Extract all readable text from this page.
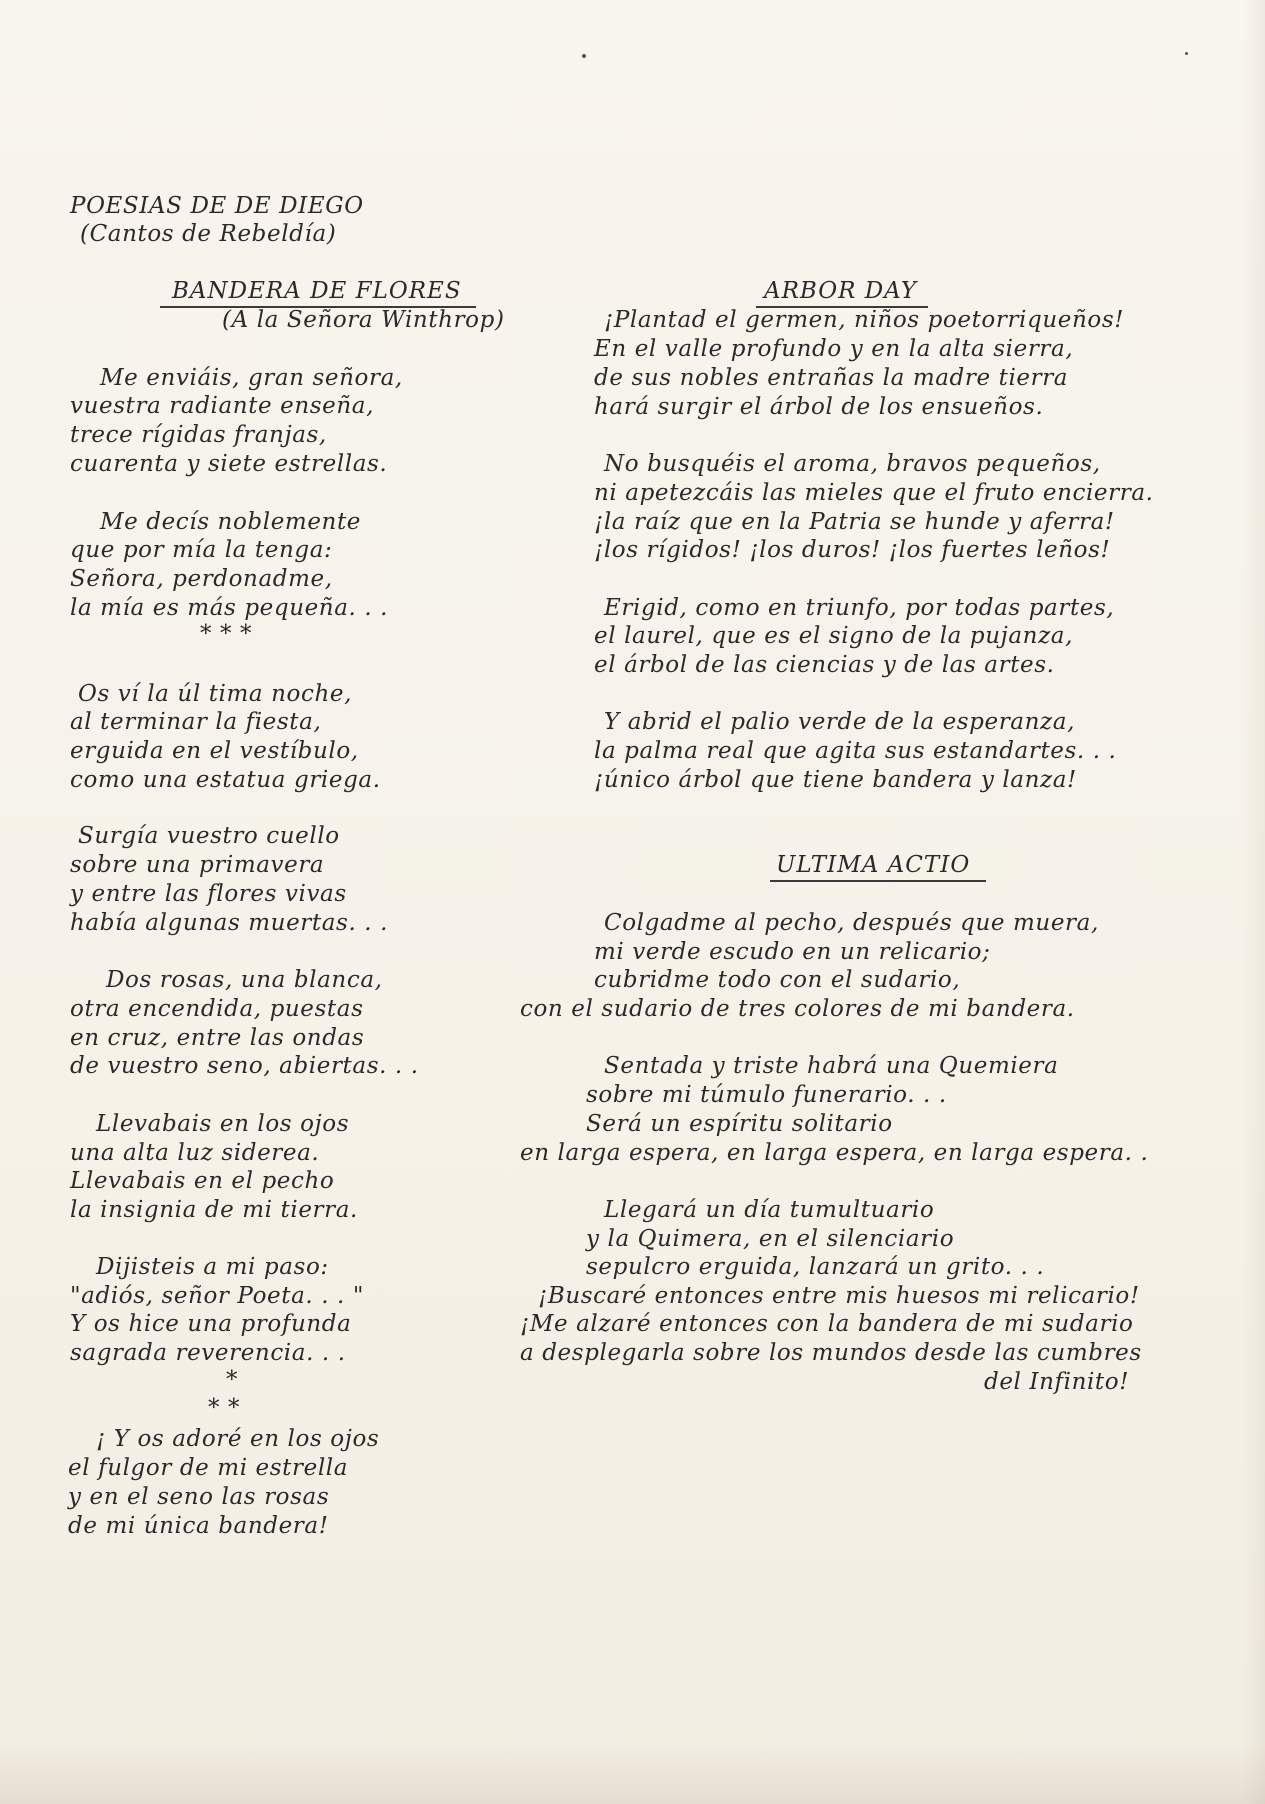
POESIAS DE DE DIEGO
(Cantos de Rebeldía)
BANDERA DE FLORES
(A la Señora Winthrop)
Me enviáis, gran señora,
vuestra radiante enseña,
trece rígidas franjas,
cuarenta y siete estrellas.
Me decís noblemente
que por mía la tenga:
Señora, perdonadme,
la mía es más pequeña. . .
* * *
Os ví la úl tima noche,
al terminar la fiesta,
erguida en el vestíbulo,
como una estatua griega.
Surgía vuestro cuello
sobre una primavera
y entre las flores vivas
había algunas muertas. . .
Dos rosas, una blanca,
otra encendida, puestas
en cruz, entre las ondas
de vuestro seno, abiertas. . .
Llevabais en los ojos
una alta luz siderea.
Llevabais en el pecho
la insignia de mi tierra.
Dijisteis a mi paso:
"adiós, señor Poeta. . . "
Y os hice una profunda
sagrada reverencia. . .
*
* *
¡ Y os adoré en los ojos
el fulgor de mi estrella
y en el seno las rosas
de mi única bandera!
ARBOR DAY
¡Plantad el germen, niños poetorriqueños!
En el valle profundo y en la alta sierra,
de sus nobles entrañas la madre tierra
hará surgir el árbol de los ensueños.
No busquéis el aroma, bravos pequeños,
ni apetezcáis las mieles que el fruto encierra.
¡la raíz que en la Patria se hunde y aferra!
¡los rígidos! ¡los duros! ¡los fuertes leños!
Erigid, como en triunfo, por todas partes,
el laurel, que es el signo de la pujanza,
el árbol de las ciencias y de las artes.
Y abrid el palio verde de la esperanza,
la palma real que agita sus estandartes. . .
¡único árbol que tiene bandera y lanza!
ULTIMA ACTIO
Colgadme al pecho, después que muera,
mi verde escudo en un relicario;
cubridme todo con el sudario,
con el sudario de tres colores de mi bandera.
Sentada y triste habrá una Quemiera
sobre mi túmulo funerario. . .
Será un espíritu solitario
en larga espera, en larga espera, en larga espera. .
Llegará un día tumultuario
y la Quimera, en el silenciario
sepulcro erguida, lanzará un grito. . .
¡Buscaré entonces entre mis huesos mi relicario!
¡Me alzaré entonces con la bandera de mi sudario
a desplegarla sobre los mundos desde las cumbres
del Infinito!
